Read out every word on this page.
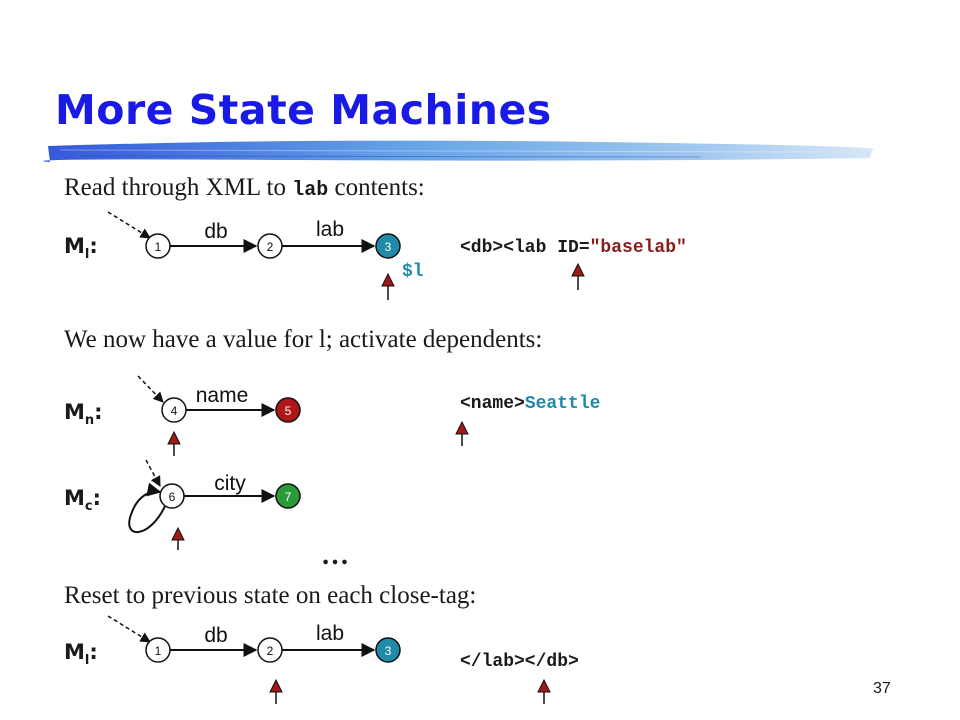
More State Machines
Read through XML to lab contents:
$M_l$:
$M_n$:
$M_c$:
$M_l$:
1
db
2
lab
3
4
name
5
6
city
7
1
db
2
lab
3
$l
<db><lab ID="baselab"
<name>Seattle
</lab></db>
We now have a value for l; activate dependents:
…
Reset to previous state on each close-tag:
37
